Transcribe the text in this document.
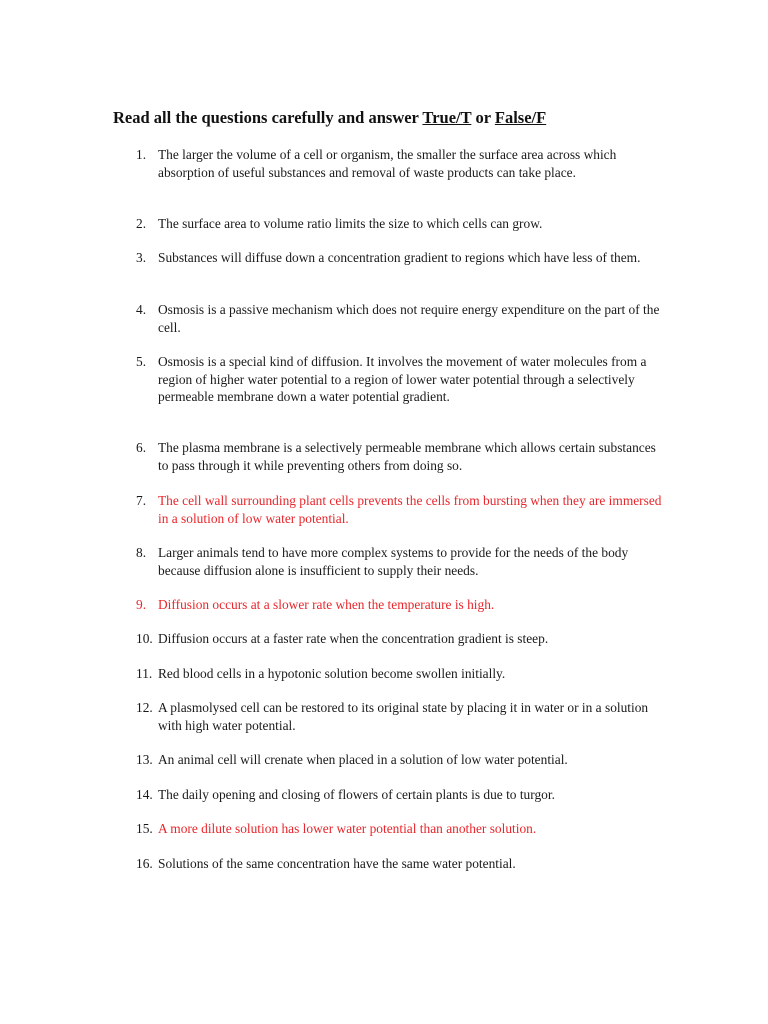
Read all the questions carefully and answer True/T or False/F
1. The larger the volume of a cell or organism, the smaller the surface area across which absorption of useful substances and removal of waste products can take place.
2. The surface area to volume ratio limits the size to which cells can grow.
3. Substances will diffuse down a concentration gradient to regions which have less of them.
4. Osmosis is a passive mechanism which does not require energy expenditure on the part of the cell.
5. Osmosis is a special kind of diffusion. It involves the movement of water molecules from a region of higher water potential to a region of lower water potential through a selectively permeable membrane down a water potential gradient.
6. The plasma membrane is a selectively permeable membrane which allows certain substances to pass through it while preventing others from doing so.
7. The cell wall surrounding plant cells prevents the cells from bursting when they are immersed in a solution of low water potential.
8. Larger animals tend to have more complex systems to provide for the needs of the body because diffusion alone is insufficient to supply their needs.
9. Diffusion occurs at a slower rate when the temperature is high.
10. Diffusion occurs at a faster rate when the concentration gradient is steep.
11. Red blood cells in a hypotonic solution become swollen initially.
12. A plasmolysed cell can be restored to its original state by placing it in water or in a solution with high water potential.
13. An animal cell will crenate when placed in a solution of low water potential.
14. The daily opening and closing of flowers of certain plants is due to turgor.
15. A more dilute solution has lower water potential than another solution.
16. Solutions of the same concentration have the same water potential.
